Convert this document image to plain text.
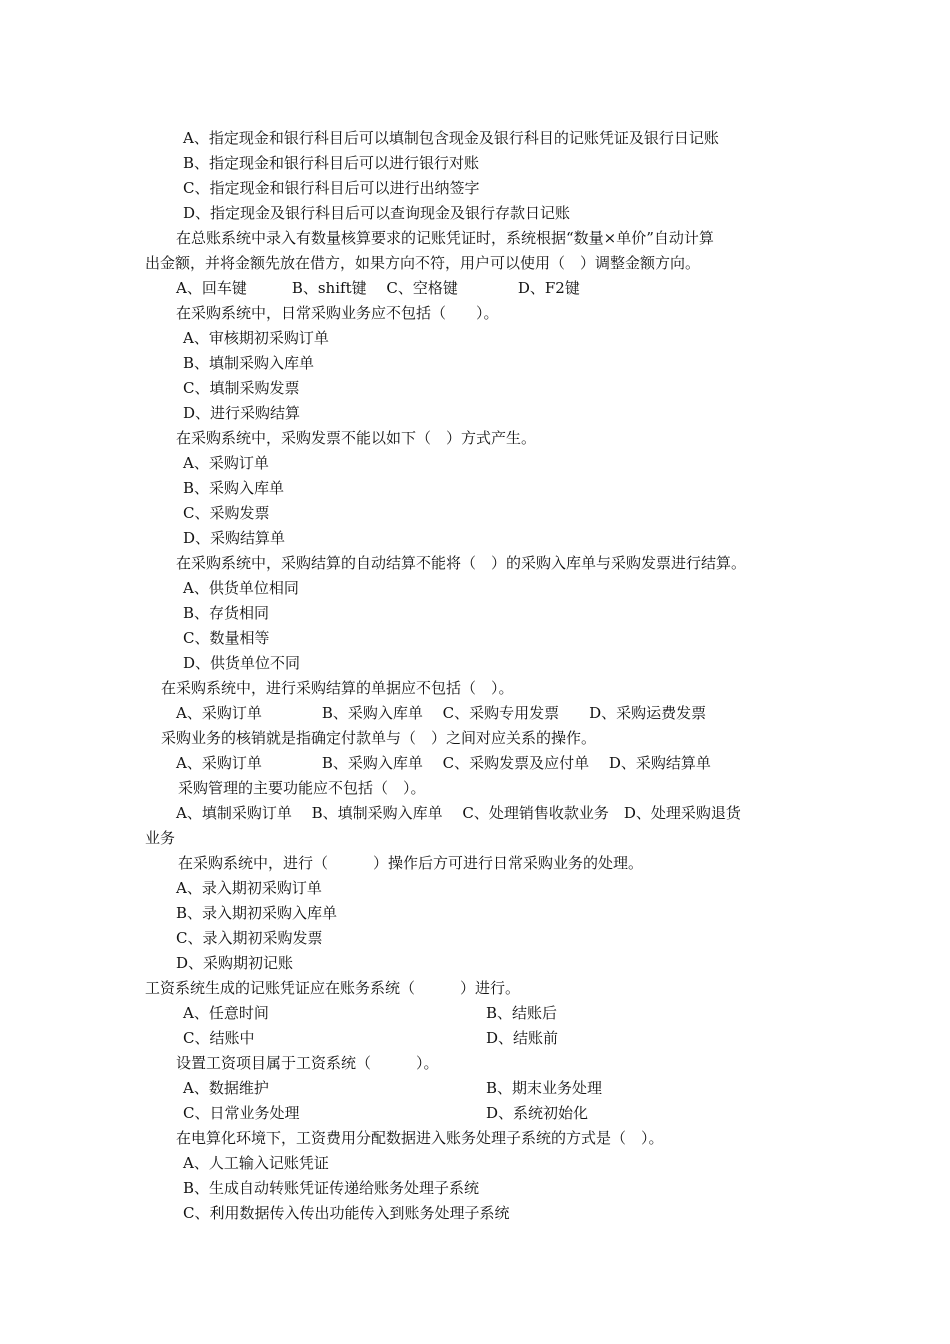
A、指定现金和银行科目后可以填制包含现金及银行科目的记账凭证及银行日记账

B、指定现金和银行科目后可以进行银行对账

C、指定现金和银行科目后可以进行出纳签字

D、指定现金及银行科目后可以查询现金及银行存款日记账

在总账系统中录入有数量核算要求的记账凭证时，系统根据“数量×单价”自动计算

出金额，并将金额先放在借方，如果方向不符，用户可以使用（　）调整金额方向。

A、回车键　　　B、shift键　 C、空格键　　　　D、F2键

在采购系统中，日常采购业务应不包括（　　）。

A、审核期初采购订单

B、填制采购入库单

C、填制采购发票

D、进行采购结算

在采购系统中，采购发票不能以如下（　）方式产生。

A、采购订单

B、采购入库单

C、采购发票

D、采购结算单

在采购系统中，采购结算的自动结算不能将（　）的采购入库单与采购发票进行结算。

A、供货单位相同

B、存货相同

C、数量相等

D、供货单位不同

在采购系统中，进行采购结算的单据应不包括（　）。

A、采购订单　　　　B、采购入库单　 C、采购专用发票　　D、采购运费发票

采购业务的核销就是指确定付款单与（　）之间对应关系的操作。

A、采购订单　　　　B、采购入库单　 C、采购发票及应付单　 D、采购结算单

采购管理的主要功能应不包括（　）。

A、填制采购订单　 B、填制采购入库单　 C、处理销售收款业务　D、处理采购退货

业务

在采购系统中，进行（　　　）操作后方可进行日常采购业务的处理。

A、录入期初采购订单

B、录入期初采购入库单

C、录入期初采购发票

D、采购期初记账

工资系统生成的记账凭证应在账务系统（　　　）进行。

A、任意时间	B、结账后

C、结账中	D、结账前

设置工资项目属于工资系统（　　　）。

A、数据维护	B、期末业务处理

C、日常业务处理	D、系统初始化

在电算化环境下，工资费用分配数据进入账务处理子系统的方式是（　）。

A、人工输入记账凭证

B、生成自动转账凭证传递给账务处理子系统

C、利用数据传入传出功能传入到账务处理子系统
